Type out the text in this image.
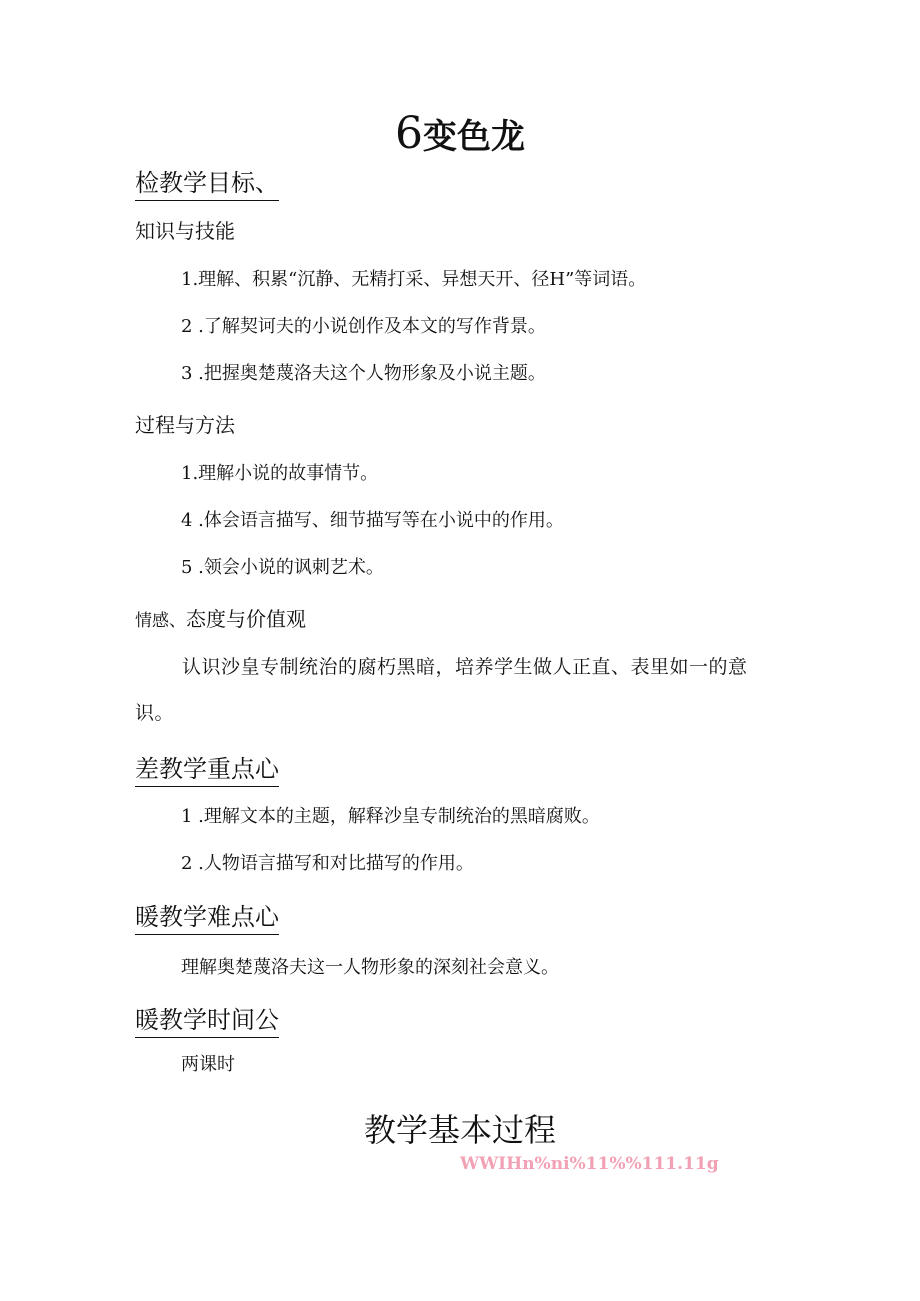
6变色龙
检教学目标、
知识与技能
1.理解、积累“沉静、无精打采、异想天开、径H”等词语。
2 .了解契诃夫的小说创作及本文的写作背景。
3 .把握奥楚蔑洛夫这个人物形象及小说主题。
过程与方法
1.理解小说的故事情节。
4 .体会语言描写、细节描写等在小说中的作用。
5 .领会小说的讽刺艺术。
情感、态度与价值观
认识沙皇专制统治的腐朽黑暗，培养学生做人正直、表里如一的意识。
差教学重点心
1 .理解文本的主题，解释沙皇专制统治的黑暗腐败。
2 .人物语言描写和对比描写的作用。
暖教学难点心
理解奥楚蔑洛夫这一人物形象的深刻社会意义。
暖教学时间公
两课时
教学基本过程
WWIHn%ni%11%%111.11g
